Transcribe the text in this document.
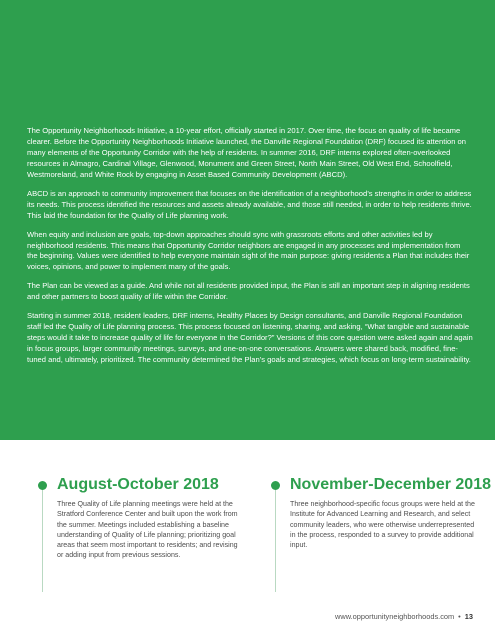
The Opportunity Neighborhoods Initiative, a 10-year effort, officially started in 2017. Over time, the focus on quality of life became clearer. Before the Opportunity Neighborhoods Initiative launched, the Danville Regional Foundation (DRF) focused its attention on many elements of the Opportunity Corridor with the help of residents. In summer 2016, DRF interns explored often-overlooked resources in Almagro, Cardinal Village, Glenwood, Monument and Green Street, North Main Street, Old West End, Schoolfield, Westmoreland, and White Rock by engaging in Asset Based Community Development (ABCD).

ABCD is an approach to community improvement that focuses on the identification of a neighborhood’s strengths in order to address its needs. This process identified the resources and assets already available, and those still needed, in order to help residents thrive. This laid the foundation for the Quality of Life planning work.

When equity and inclusion are goals, top-down approaches should sync with grassroots efforts and other activities led by neighborhood residents. This means that Opportunity Corridor neighbors are engaged in any processes and implementation from the beginning. Values were identified to help everyone maintain sight of the main purpose: giving residents a Plan that includes their voices, opinions, and power to implement many of the goals.

The Plan can be viewed as a guide. And while not all residents provided input, the Plan is still an important step in aligning residents and other partners to boost quality of life within the Corridor.

Starting in summer 2018, resident leaders, DRF interns, Healthy Places by Design consultants, and Danville Regional Foundation staff led the Quality of Life planning process. This process focused on listening, sharing, and asking, “What tangible and sustainable steps would it take to increase quality of life for everyone in the Corridor?” Versions of this core question were asked again and again in focus groups, larger community meetings, surveys, and one-on-one conversations. Answers were shared back, modified, fine-tuned and, ultimately, prioritized. The community determined the Plan’s goals and strategies, which focus on long-term sustainability.

August-October 2018

Three Quality of Life planning meetings were held at the Stratford Conference Center and built upon the work from the summer. Meetings included establishing a baseline understanding of Quality of Life planning; prioritizing goal areas that seem most important to residents; and revising or adding input from previous sessions.

November-December 2018

Three neighborhood-specific focus groups were held at the Institute for Advanced Learning and Research, and select community leaders, who were otherwise underrepresented in the process, responded to a survey to provide additional input.

www.opportunityneighborhoods.com • 13
